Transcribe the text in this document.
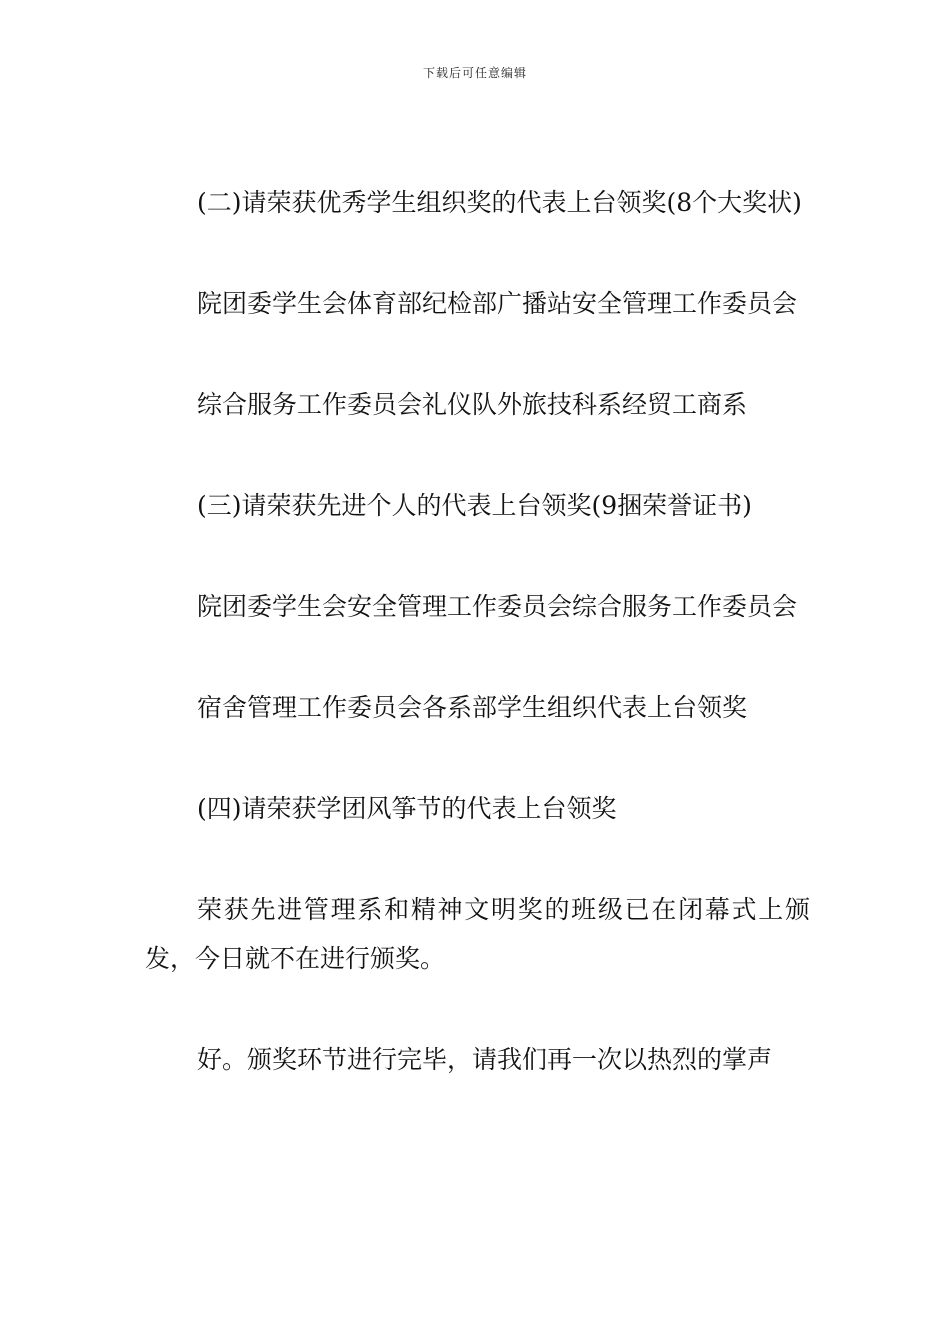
下载后可任意编辑

(二)请荣获优秀学生组织奖的代表上台领奖(8个大奖状)

院团委学生会体育部纪检部广播站安全管理工作委员会

综合服务工作委员会礼仪队外旅技科系经贸工商系

(三)请荣获先进个人的代表上台领奖(9捆荣誉证书)

院团委学生会安全管理工作委员会综合服务工作委员会

宿舍管理工作委员会各系部学生组织代表上台领奖

(四)请荣获学团风筝节的代表上台领奖

荣获先进管理系和精神文明奖的班级已在闭幕式上颁发，今日就不在进行颁奖。

好。颁奖环节进行完毕，请我们再一次以热烈的掌声
